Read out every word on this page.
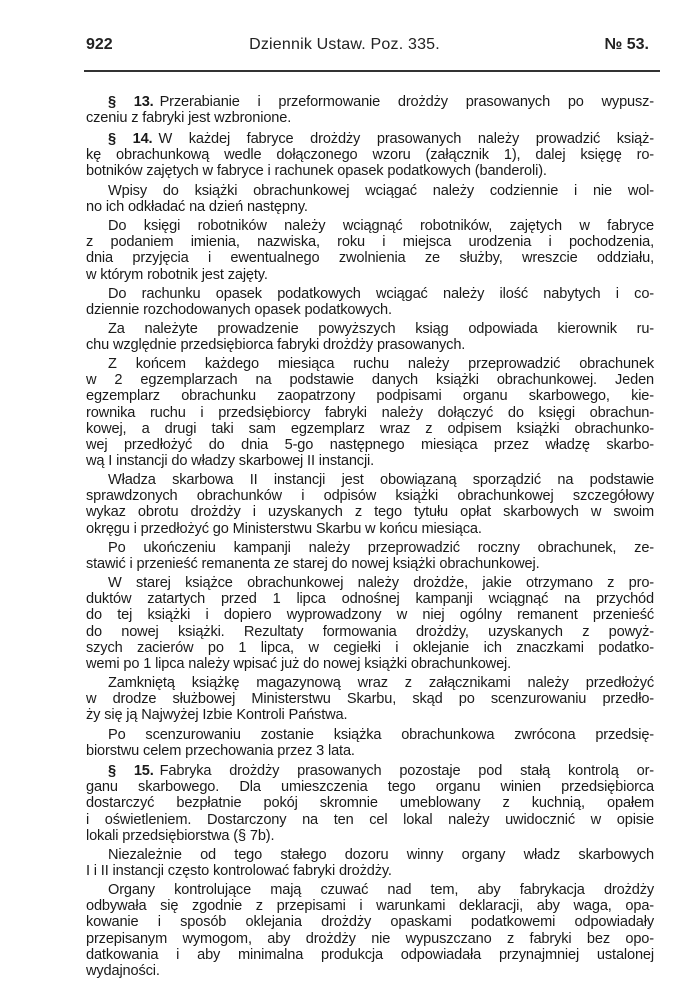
922	Dziennik Ustaw. Poz. 335.	№ 53.
§ 13. Przerabianie i przeformowanie drożdży prasowanych po wypusz-
czeniu z fabryki jest wzbronione.
§ 14. W każdej fabryce drożdży prasowanych należy prowadzić książ-
kę obrachunkową wedle dołączonego wzoru (załącznik 1), dalej księgę ro-
botników zajętych w fabryce i rachunek opasek podatkowych (banderoli).
Wpisy do książki obrachunkowej wciągać należy codziennie i nie wol-
no ich odkładać na dzień następny.
Do księgi robotników należy wciągnąć robotników, zajętych w fabryce
z podaniem imienia, nazwiska, roku i miejsca urodzenia i pochodzenia,
dnia przyjęcia i ewentualnego zwolnienia ze służby, wreszcie oddziału,
w którym robotnik jest zajęty.
Do rachunku opasek podatkowych wciągać należy ilość nabytych i co-
dziennie rozchodowanych opasek podatkowych.
Za należyte prowadzenie powyższych ksiąg odpowiada kierownik ru-
chu względnie przedsiębiorca fabryki drożdży prasowanych.
Z końcem każdego miesiąca ruchu należy przeprowadzić obrachunek
w 2 egzemplarzach na podstawie danych książki obrachunkowej. Jeden
egzemplarz obrachunku zaopatrzony podpisami organu skarbowego, kie-
rownika ruchu i przedsiębiorcy fabryki należy dołączyć do księgi obrachun-
kowej, a drugi taki sam egzemplarz wraz z odpisem książki obrachunko-
wej przedłożyć do dnia 5-go następnego miesiąca przez władzę skarbo-
wą I instancji do władzy skarbowej II instancji.
Władza skarbowa II instancji jest obowiązaną sporządzić na podstawie
sprawdzonych obrachunków i odpisów książki obrachunkowej szczegółowy
wykaz obrotu drożdży i uzyskanych z tego tytułu opłat skarbowych w swoim
okręgu i przedłożyć go Ministerstwu Skarbu w końcu miesiąca.
Po ukończeniu kampanji należy przeprowadzić roczny obrachunek, ze-
stawić i przenieść remanenta ze starej do nowej książki obrachunkowej.
W starej książce obrachunkowej należy drożdże, jakie otrzymano z pro-
duktów zatartych przed 1 lipca odnośnej kampanji wciągnąć na przychód
do tej książki i dopiero wyprowadzony w niej ogólny remanent przenieść
do nowej książki. Rezultaty formowania drożdży, uzyskanych z powyż-
szych zacierów po 1 lipca, w cegiełki i oklejanie ich znaczkami podatko-
wemi po 1 lipca należy wpisać już do nowej książki obrachunkowej.
Zamkniętą książkę magazynową wraz z załącznikami należy przedłożyć
w drodze służbowej Ministerstwu Skarbu, skąd po scenzurowaniu przedło-
ży się ją Najwyżej Izbie Kontroli Państwa.
Po scenzurowaniu zostanie książka obrachunkowa zwrócona przedsię-
biorstwu celem przechowania przez 3 lata.
§ 15. Fabryka drożdży prasowanych pozostaje pod stałą kontrolą or-
ganu skarbowego. Dla umieszczenia tego organu winien przedsiębiorca
dostarczyć bezpłatnie pokój skromnie umeblowany z kuchnią, opałem
i oświetleniem. Dostarczony na ten cel lokal należy uwidocznić w opisie
lokali przedsiębiorstwa (§ 7b).
Niezależnie od tego stałego dozoru winny organy władz skarbowych
I i II instancji często kontrolować fabryki drożdży.
Organy kontrolujące mają czuwać nad tem, aby fabrykacja drożdży
odbywała się zgodnie z przepisami i warunkami deklaracji, aby waga, opa-
kowanie i sposób oklejania drożdży opaskami podatkowemi odpowiadały
przepisanym wymogom, aby drożdży nie wypuszczano z fabryki bez opo-
datkowania i aby minimalna produkcja odpowiadała przynajmniej ustalonej
wydajności.
